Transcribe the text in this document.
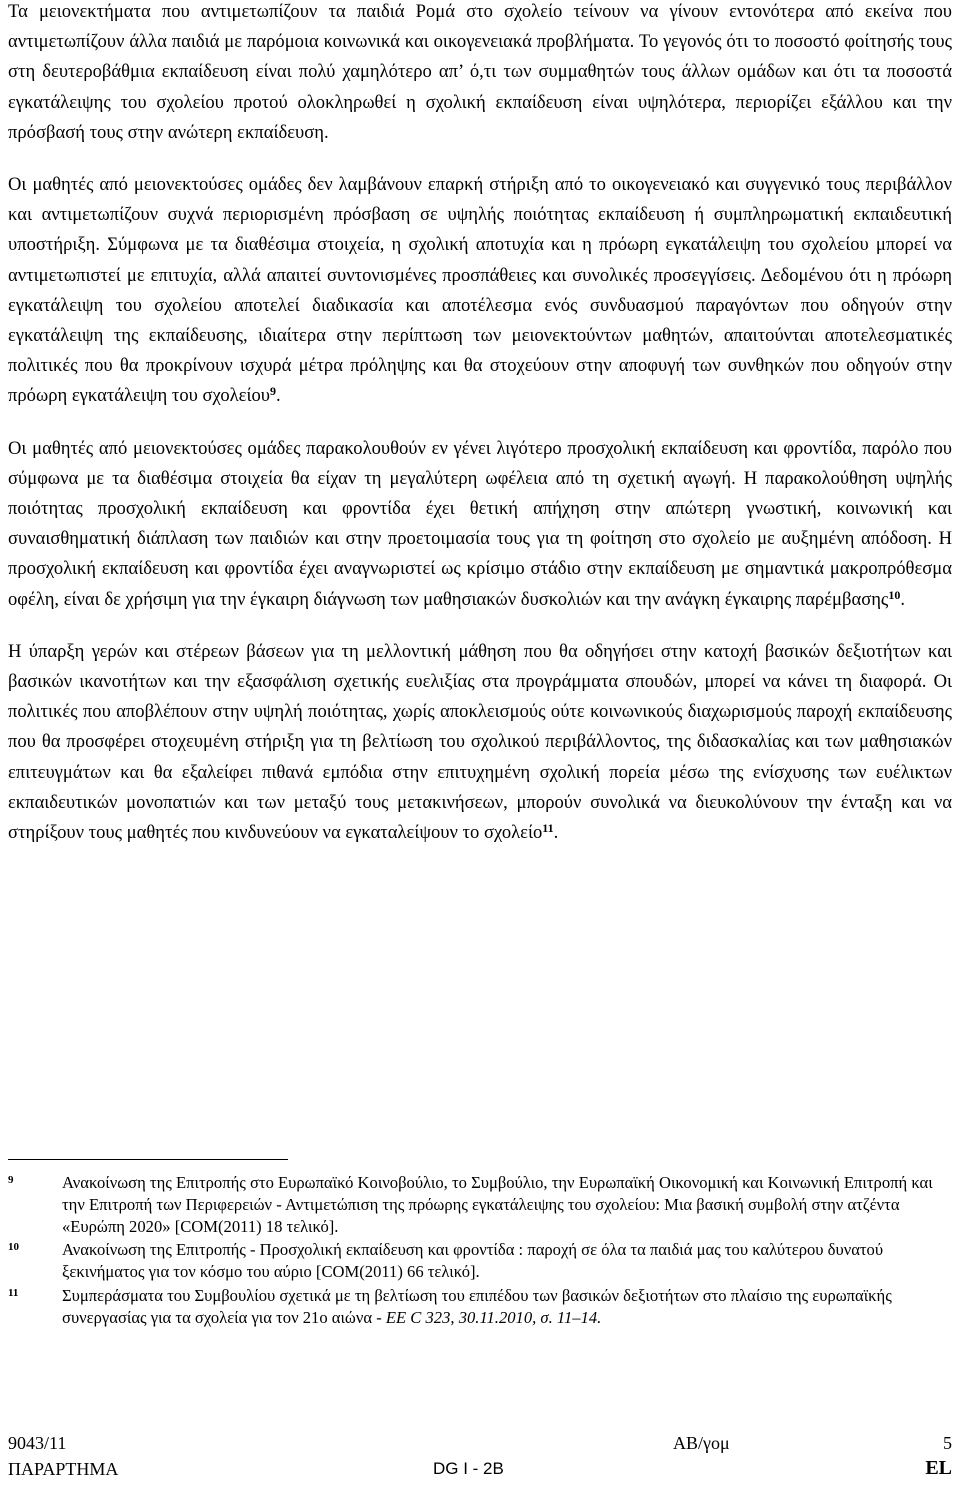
Τα μειονεκτήματα που αντιμετωπίζουν τα παιδιά Ρομά στο σχολείο τείνουν να γίνουν εντονότερα από εκείνα που αντιμετωπίζουν άλλα παιδιά με παρόμοια κοινωνικά και οικογενειακά προβλήματα. Το γεγονός ότι το ποσοστό φοίτησής τους στη δευτεροβάθμια εκπαίδευση είναι πολύ χαμηλότερο απ’ ό,τι των συμμαθητών τους άλλων ομάδων και ότι τα ποσοστά εγκατάλειψης του σχολείου προτού ολοκληρωθεί η σχολική εκπαίδευση είναι υψηλότερα, περιορίζει εξάλλου και την πρόσβασή τους στην ανώτερη εκπαίδευση.

Οι μαθητές από μειονεκτούσες ομάδες δεν λαμβάνουν επαρκή στήριξη από το οικογενειακό και συγγενικό τους περιβάλλον και αντιμετωπίζουν συχνά περιορισμένη πρόσβαση σε υψηλής ποιότητας εκπαίδευση ή συμπληρωματική εκπαιδευτική υποστήριξη. Σύμφωνα με τα διαθέσιμα στοιχεία, η σχολική αποτυχία και η πρόωρη εγκατάλειψη του σχολείου μπορεί να αντιμετωπιστεί με επιτυχία, αλλά απαιτεί συντονισμένες προσπάθειες και συνολικές προσεγγίσεις. Δεδομένου ότι η πρόωρη εγκατάλειψη του σχολείου αποτελεί διαδικασία και αποτέλεσμα ενός συνδυασμού παραγόντων που οδηγούν στην εγκατάλειψη της εκπαίδευσης, ιδιαίτερα στην περίπτωση των μειονεκτούντων μαθητών, απαιτούνται αποτελεσματικές πολιτικές που θα προκρίνουν ισχυρά μέτρα πρόληψης και θα στοχεύουν στην αποφυγή των συνθηκών που οδηγούν στην πρόωρη εγκατάλειψη του σχολείου$^9$.

Οι μαθητές από μειονεκτούσες ομάδες παρακολουθούν εν γένει λιγότερο προσχολική εκπαίδευση και φροντίδα, παρόλο που σύμφωνα με τα διαθέσιμα στοιχεία θα είχαν τη μεγαλύτερη ωφέλεια από τη σχετική αγωγή. Η παρακολούθηση υψηλής ποιότητας προσχολική εκπαίδευση και φροντίδα έχει θετική απήχηση στην απώτερη γνωστική, κοινωνική και συναισθηματική διάπλαση των παιδιών και στην προετοιμασία τους για τη φοίτηση στο σχολείο με αυξημένη απόδοση. Η προσχολική εκπαίδευση και φροντίδα έχει αναγνωριστεί ως κρίσιμο στάδιο στην εκπαίδευση με σημαντικά μακροπρόθεσμα οφέλη, είναι δε χρήσιμη για την έγκαιρη διάγνωση των μαθησιακών δυσκολιών και την ανάγκη έγκαιρης παρέμβασης$^{10}$.

Η ύπαρξη γερών και στέρεων βάσεων για τη μελλοντική μάθηση που θα οδηγήσει στην κατοχή βασικών δεξιοτήτων και βασικών ικανοτήτων και την εξασφάλιση σχετικής ευελιξίας στα προγράμματα σπουδών, μπορεί να κάνει τη διαφορά. Οι πολιτικές που αποβλέπουν στην υψηλή ποιότητας, χωρίς αποκλεισμούς ούτε κοινωνικούς διαχωρισμούς παροχή εκπαίδευσης που θα προσφέρει στοχευμένη στήριξη για τη βελτίωση του σχολικού περιβάλλοντος, της διδασκαλίας και των μαθησιακών επιτευγμάτων και θα εξαλείφει πιθανά εμπόδια στην επιτυχημένη σχολική πορεία μέσω της ενίσχυσης των ευέλικτων εκπαιδευτικών μονοπατιών και των μεταξύ τους μετακινήσεων, μπορούν συνολικά να διευκολύνουν την ένταξη και να στηρίξουν τους μαθητές που κινδυνεύουν να εγκαταλείψουν το σχολείο$^{11}$.

9	Ανακοίνωση της Επιτροπής στο Ευρωπαϊκό Κοινοβούλιο, το Συμβούλιο, την Ευρωπαϊκή Οικονομική και Κοινωνική Επιτροπή και την Επιτροπή των Περιφερειών - Αντιμετώπιση της πρόωρης εγκατάλειψης του σχολείου: Μια βασική συμβολή στην ατζέντα «Ευρώπη 2020» [COM(2011) 18 τελικό].

10	Ανακοίνωση της Επιτροπής - Προσχολική εκπαίδευση και φροντίδα : παροχή σε όλα τα παιδιά μας του καλύτερου δυνατού ξεκινήματος για τον κόσμο του αύριο [COM(2011) 66 τελικό].

11	Συμπεράσματα του Συμβουλίου σχετικά με τη βελτίωση του επιπέδου των βασικών δεξιοτήτων στο πλαίσιο της ευρωπαϊκής συνεργασίας για τα σχολεία για τον 21ο αιώνα - ΕΕ C 323, 30.11.2010, σ. 11–14.

9043/11	AB/γομ	5
ΠΑΡΑΡΤΗΜΑ	DG I - 2B	EL
